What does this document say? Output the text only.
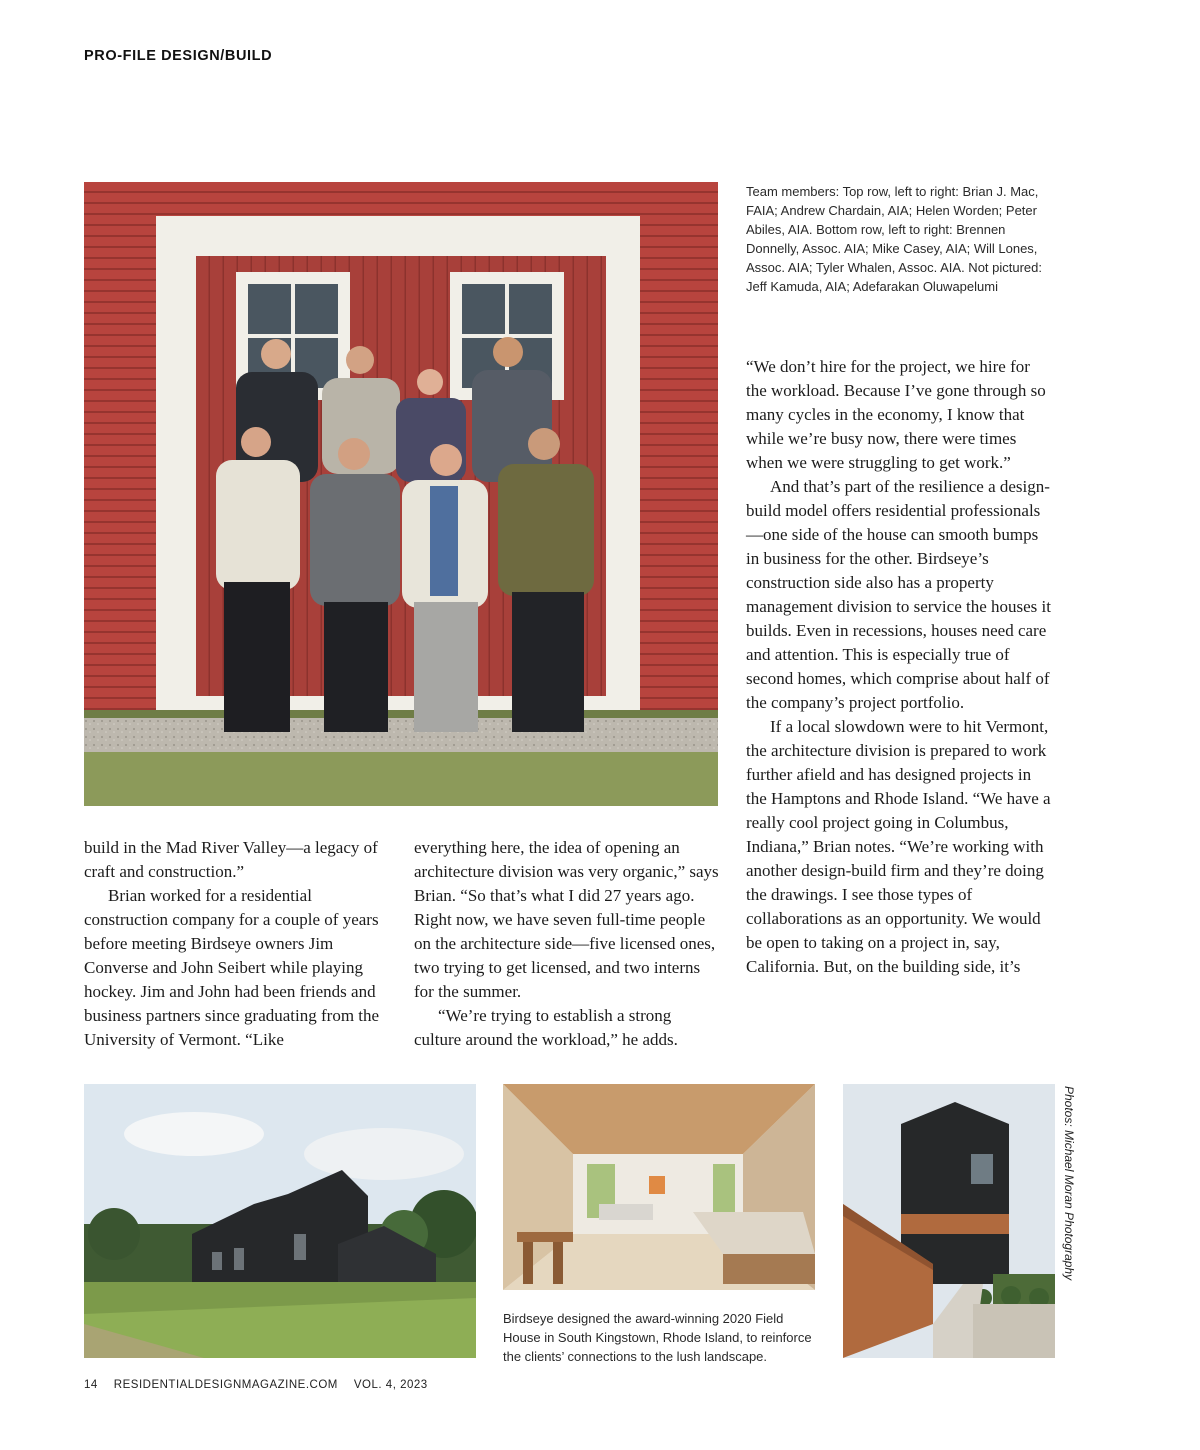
PRO-FILE DESIGN/BUILD
Team members: Top row, left to right: Brian J. Mac, FAIA; Andrew Chardain, AIA; Helen Worden; Peter Abiles, AIA. Bottom row, left to right: Brennen Donnelly, Assoc. AIA; Mike Casey, AIA; Will Lones, Assoc. AIA; Tyler Whalen, Assoc. AIA. Not pictured: Jeff Kamuda, AIA; Adefarakan Oluwapelumi

build in the Mad River Valley—a legacy of craft and construction.”

Brian worked for a residential construction company for a couple of years before meeting Birdseye owners Jim Converse and John Seibert while playing hockey. Jim and John had been friends and business partners since graduating from the University of Vermont. “Like

everything here, the idea of opening an architecture division was very organic,” says Brian. “So that’s what I did 27 years ago. Right now, we have seven full-time people on the architecture side—five licensed ones, two trying to get licensed, and two interns for the summer.

“We’re trying to establish a strong culture around the workload,” he adds.

“We don’t hire for the project, we hire for the workload. Because I’ve gone through so many cycles in the economy, I know that while we’re busy now, there were times when we were struggling to get work.”

And that’s part of the resilience a design-build model offers residential professionals—one side of the house can smooth bumps in business for the other. Birdseye’s construction side also has a property management division to service the houses it builds. Even in recessions, houses need care and attention. This is especially true of second homes, which comprise about half of the company’s project portfolio.

If a local slowdown were to hit Vermont, the architecture division is prepared to work further afield and has designed projects in the Hamptons and Rhode Island. “We have a really cool project going in Columbus, Indiana,” Brian notes. “We’re working with another design-build firm and they’re doing the drawings. I see those types of collaborations as an opportunity. We would be open to taking on a project in, say, California. But, on the building side, it’s

Birdseye designed the award-winning 2020 Field House in South Kingstown, Rhode Island, to reinforce the clients’ connections to the lush landscape.
Photos: Michael Moran Photography
14 RESIDENTIALDESIGNMAGAZINE.COM VOL. 4, 2023
